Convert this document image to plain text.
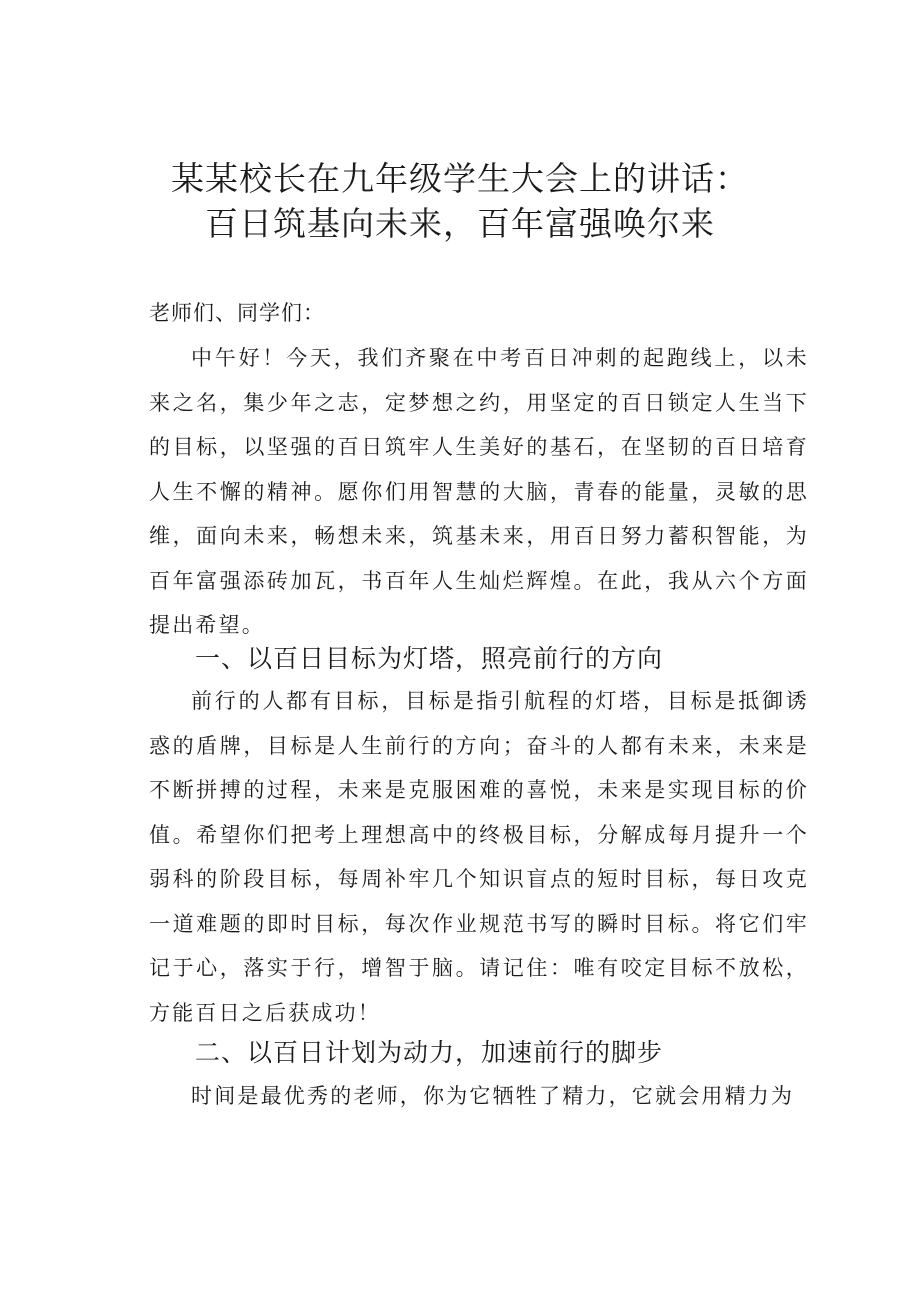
某某校长在九年级学生大会上的讲话：
百日筑基向未来，百年富强唤尔来
老师们、同学们：

中午好！今天，我们齐聚在中考百日冲刺的起跑线上，以未来之名，集少年之志，定梦想之约，用坚定的百日锁定人生当下的目标，以坚强的百日筑牢人生美好的基石，在坚韧的百日培育人生不懈的精神。愿你们用智慧的大脑，青春的能量，灵敏的思维，面向未来，畅想未来，筑基未来，用百日努力蓄积智能，为百年富强添砖加瓦，书百年人生灿烂辉煌。在此，我从六个方面提出希望。

一、以百日目标为灯塔，照亮前行的方向

前行的人都有目标，目标是指引航程的灯塔，目标是抵御诱惑的盾牌，目标是人生前行的方向；奋斗的人都有未来，未来是不断拼搏的过程，未来是克服困难的喜悦，未来是实现目标的价值。希望你们把考上理想高中的终极目标，分解成每月提升一个弱科的阶段目标，每周补牢几个知识盲点的短时目标，每日攻克一道难题的即时目标，每次作业规范书写的瞬时目标。将它们牢记于心，落实于行，增智于脑。请记住：唯有咬定目标不放松，方能百日之后获成功！

二、以百日计划为动力，加速前行的脚步

时间是最优秀的老师，你为它牺牲了精力，它就会用精力为
